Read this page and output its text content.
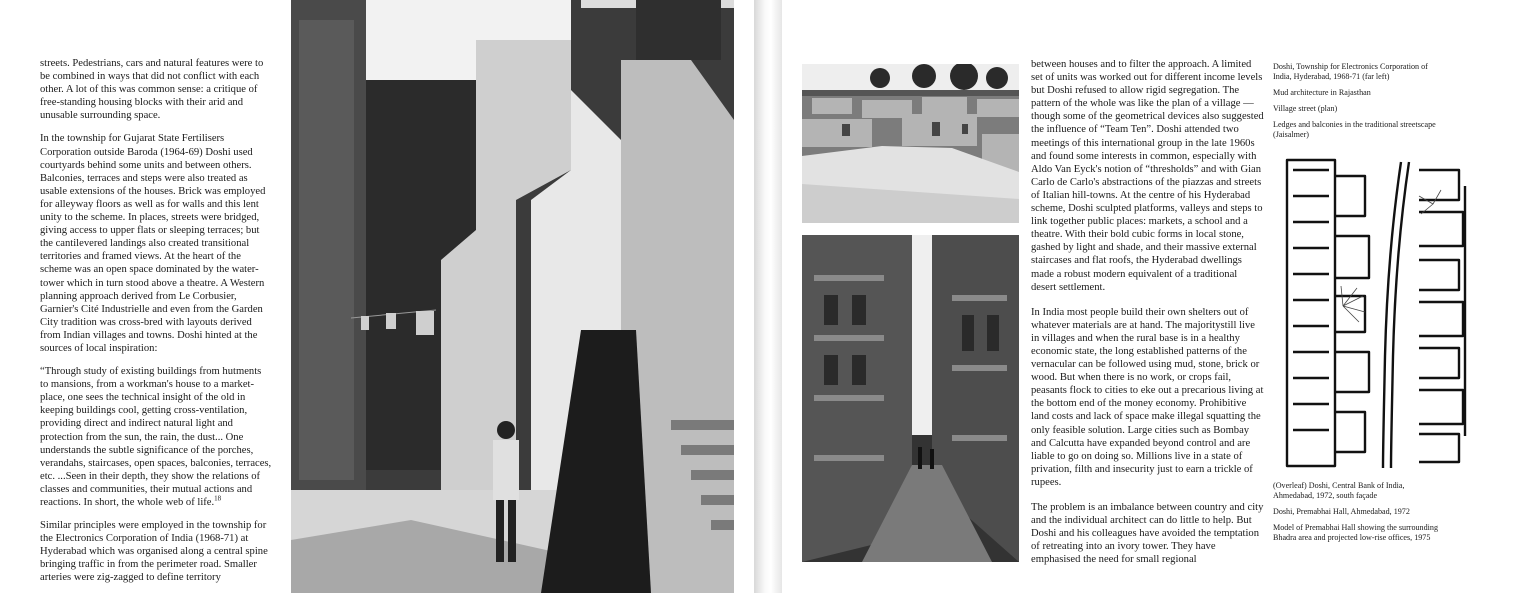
streets. Pedestrians, cars and natural features were to be combined in ways that did not conflict with each other. A lot of this was common sense: a critique of free-standing housing blocks with their arid and unusable surrounding space.

In the township for Gujarat State Fertilisers Corporation outside Baroda (1964-69) Doshi used courtyards behind some units and between others. Balconies, terraces and steps were also treated as usable extensions of the houses. Brick was employed for alleyway floors as well as for walls and this lent unity to the scheme. In places, streets were bridged, giving access to upper flats or sleeping terraces; but the cantilevered landings also created transitional territories and framed views. At the heart of the scheme was an open space dominated by the water-tower which in turn stood above a theatre. A Western planning approach derived from Le Corbusier, Garnier's Cité Industrielle and even from the Garden City tradition was cross-bred with layouts derived from Indian villages and towns. Doshi hinted at the sources of local inspiration:

“Through study of existing buildings from hutments to mansions, from a workman's house to a market-place, one sees the technical insight of the old in keeping buildings cool, getting cross-ventilation, providing direct and indirect natural light and protection from the sun, the rain, the dust... One understands the subtle significance of the porches, verandahs, staircases, open spaces, balconies, terraces, etc. ...Seen in their depth, they show the relations of classes and communities, their mutual actions and reactions. In short, the whole web of life.$^{18}$

Similar principles were employed in the township for the Electronics Corporation of India (1968-71) at Hyderabad which was organised along a central spine bringing traffic in from the perimeter road. Smaller arteries were zig-zagged to define territory

between houses and to filter the approach. A limited set of units was worked out for different income levels but Doshi refused to allow rigid segregation. The pattern of the whole was like the plan of a village — though some of the geometrical devices also suggested the influence of “Team Ten”. Doshi attended two meetings of this international group in the late 1960s and found some interests in common, especially with Aldo Van Eyck's notion of “thresholds” and with Gian Carlo de Carlo's abstractions of the piazzas and streets of Italian hill-towns. At the centre of his Hyderabad scheme, Doshi sculpted platforms, valleys and steps to link together public places: markets, a school and a theatre. With their bold cubic forms in local stone, gashed by light and shade, and their massive external staircases and flat roofs, the Hyderabad dwellings made a robust modern equivalent of a traditional desert settlement.

In India most people build their own shelters out of whatever materials are at hand. The majoritystill live in villages and when the rural base is in a healthy economic state, the long established patterns of the vernacular can be followed using mud, stone, brick or wood. But when there is no work, or crops fail, peasants flock to cities to eke out a precarious living at the bottom end of the money economy. Prohibitive land costs and lack of space make illegal squatting the only feasible solution. Large cities such as Bombay and Calcutta have expanded beyond control and are liable to go on doing so. Millions live in a state of privation, filth and insecurity just to earn a trickle of rupees.

The problem is an imbalance between country and city and the individual architect can do little to help. But Doshi and his colleagues have avoided the temptation of retreating into an ivory tower. They have emphasised the need for small regional

Doshi, Township for Electronics Corporation of India, Hyderabad, 1968-71 (far left)

Mud architecture in Rajasthan

Village street (plan)

Ledges and balconies in the traditional streetscape (Jaisalmer)

(Overleaf) Doshi, Central Bank of India, Ahmedabad, 1972, south façade

Doshi, Premabhai Hall, Ahmedabad, 1972

Model of Premabhai Hall showing the surrounding Bhadra area and projected low-rise offices, 1975
